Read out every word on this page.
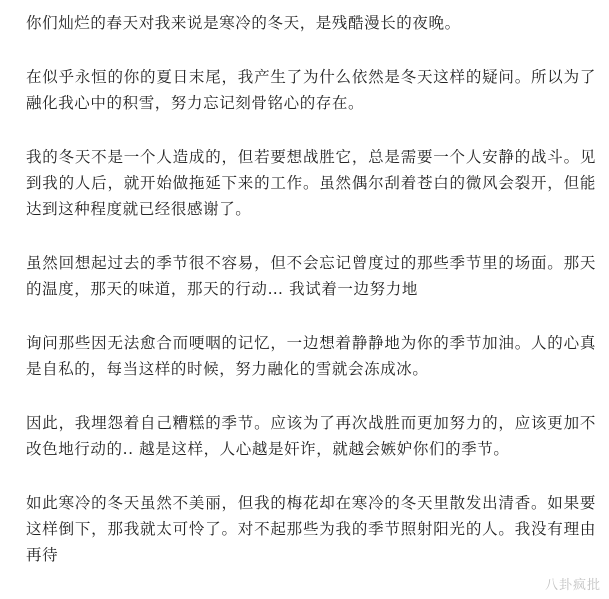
你们灿烂的春天对我来说是寒冷的冬天，是残酷漫长的夜晚。

在似乎永恒的你的夏日末尾，我产生了为什么依然是冬天这样的疑问。所以为了融化我心中的积雪，努力忘记刻骨铭心的存在。

我的冬天不是一个人造成的，但若要想战胜它，总是需要一个人安静的战斗。见到我的人后，就开始做拖延下来的工作。虽然偶尔刮着苍白的微风会裂开，但能达到这种程度就已经很感谢了。

虽然回想起过去的季节很不容易，但不会忘记曾度过的那些季节里的场面。那天的温度，那天的味道，那天的行动… 我试着一边努力地

询问那些因无法愈合而哽咽的记忆，一边想着静静地为你的季节加油。人的心真是自私的，每当这样的时候，努力融化的雪就会冻成冰。

因此，我埋怨着自己糟糕的季节。应该为了再次战胜而更加努力的，应该更加不改色地行动的.. 越是这样，人心越是奸诈，就越会嫉妒你们的季节。

如此寒冷的冬天虽然不美丽，但我的梅花却在寒冷的冬天里散发出清香。如果要这样倒下，那我就太可怜了。对不起那些为我的季节照射阳光的人。我没有理由再待

八卦疯批
